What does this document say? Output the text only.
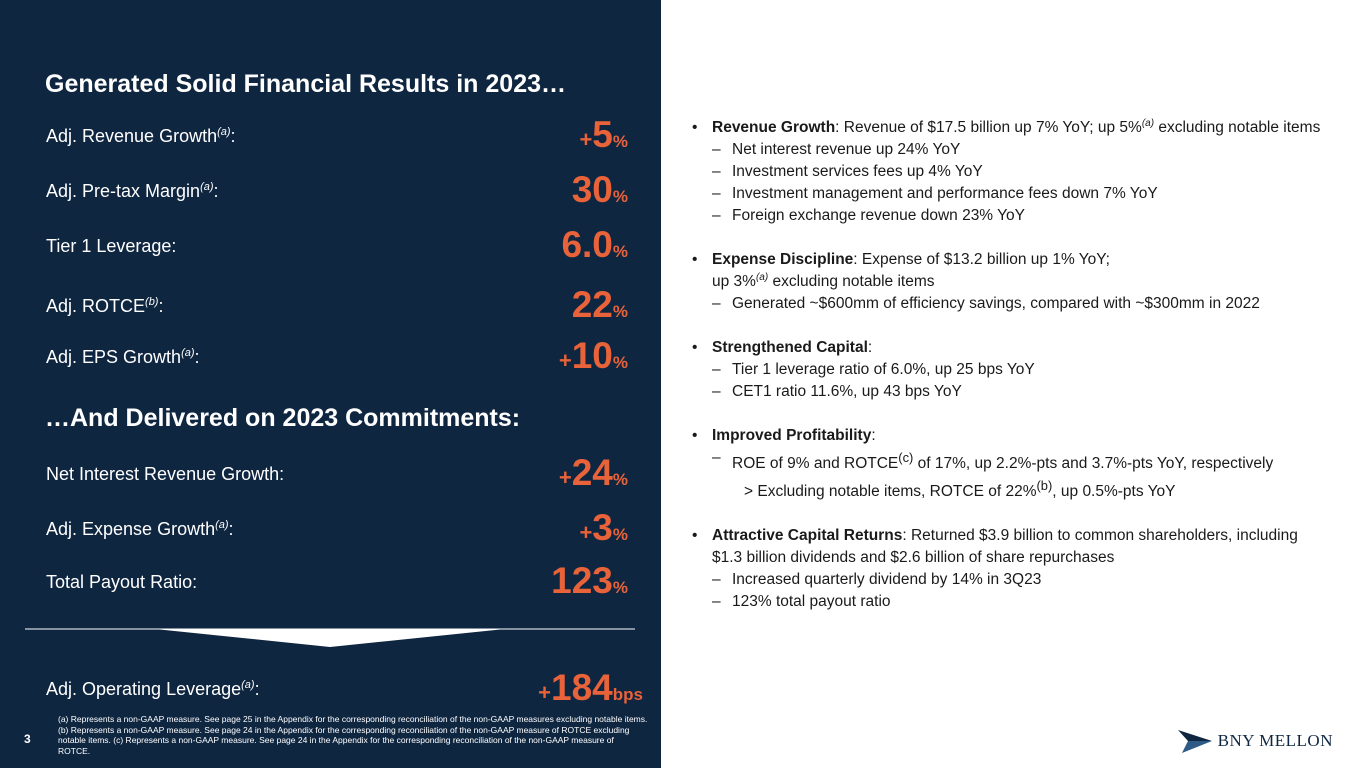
Generated Solid Financial Results in 2023…
Adj. Revenue Growth$^{(a)}$:	+5%
Adj. Pre-tax Margin$^{(a)}$:	30%
Tier 1 Leverage:	6.0%
Adj. ROTCE$^{(b)}$:	22%
Adj. EPS Growth$^{(a)}$:	+10%
…And Delivered on 2023 Commitments:
Net Interest Revenue Growth:	+24%
Adj. Expense Growth$^{(a)}$:	+3%
Total Payout Ratio:	123%
Adj. Operating Leverage$^{(a)}$:	+184bps
3
(a) Represents a non-GAAP measure. See page 25 in the Appendix for the corresponding reconciliation of the non-GAAP measures excluding notable items. (b) Represents a non-GAAP measure. See page 24 in the Appendix for the corresponding reconciliation of the non-GAAP measure of ROTCE excluding notable items. (c) Represents a non-GAAP measure. See page 24 in the Appendix for the corresponding reconciliation of the non-GAAP measure of ROTCE.

• Revenue Growth: Revenue of $17.5 billion up 7% YoY; up 5%$^{(a)}$ excluding notable items

– Net interest revenue up 24% YoY

– Investment services fees up 4% YoY

– Investment management and performance fees down 7% YoY

– Foreign exchange revenue down 23% YoY

• Expense Discipline: Expense of $13.2 billion up 1% YoY;

up 3%$^{(a)}$ excluding notable items

– Generated ~$600mm of efficiency savings, compared with ~$300mm in 2022

• Strengthened Capital:

– Tier 1 leverage ratio of 6.0%, up 25 bps YoY

– CET1 ratio 11.6%, up 43 bps YoY

• Improved Profitability:

– ROE of 9% and ROTCE$^{(c)}$ of 17%, up 2.2%-pts and 3.7%-pts YoY, respectively

> Excluding notable items, ROTCE of 22%$^{(b)}$, up 0.5%-pts YoY

• Attractive Capital Returns: Returned $3.9 billion to common shareholders, including $1.3 billion dividends and $2.6 billion of share repurchases

– Increased quarterly dividend by 14% in 3Q23

– 123% total payout ratio

BNY MELLON
